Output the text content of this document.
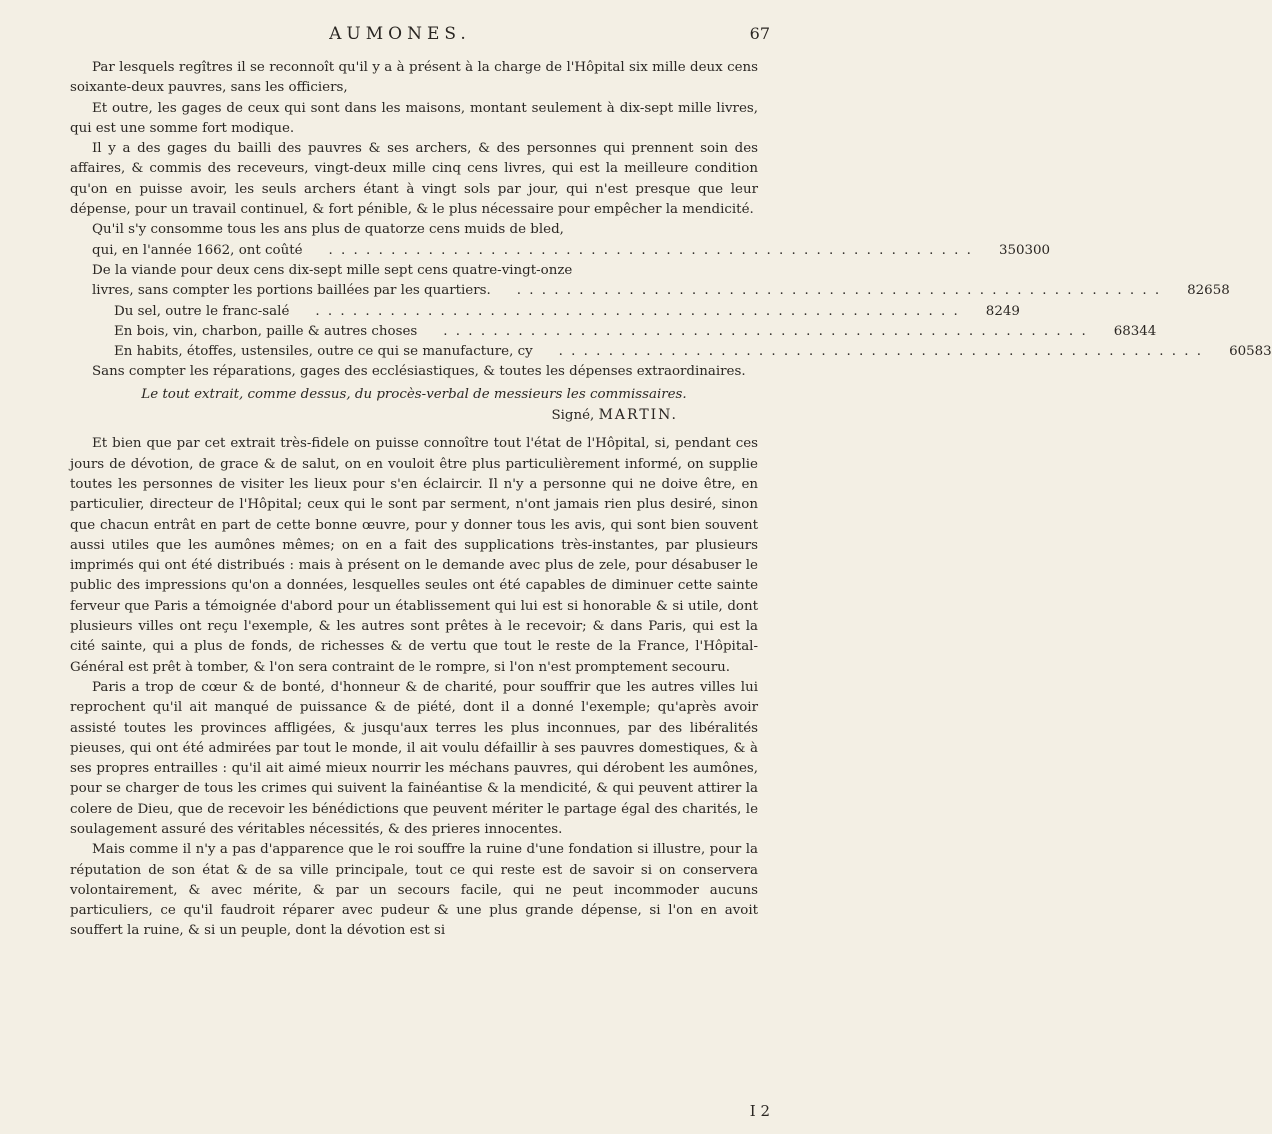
AUMONES.	67

Par lesquels regîtres il se reconnoît qu'il y a à présent à la charge de l'Hôpital six mille deux cens soixante-deux pauvres, sans les officiers,

Et outre, les gages de ceux qui sont dans les maisons, montant seulement à dix-sept mille livres, qui est une somme fort modique.

Il y a des gages du bailli des pauvres & ses archers, & des personnes qui prennent soin des affaires, & commis des receveurs, vingt-deux mille cinq cens livres, qui est la meilleure condition qu'on en puisse avoir, les seuls archers étant à vingt sols par jour, qui n'est presque que leur dépense, pour un travail continuel, & fort pénible, & le plus nécessaire pour empêcher la mendicité.

Qu'il s'y consomme tous les ans plus de quatorze cens muids de bled,

qui, en l'année 1662, ont coûté	. . . . . . . . . . . . . . . . . . . . . . . . . . . . . . . . . . . . . . . . . . . . . . . . . . . .	350300

De la viande pour deux cens dix-sept mille sept cens quatre-vingt-onze

livres, sans compter les portions baillées par les quartiers.	. . . . . . . . . . . . . . . . . . . . . . . . . . . . . . . . . . . . . . . . . . . . . . . . . . . .	82658

Du sel, outre le franc-salé	. . . . . . . . . . . . . . . . . . . . . . . . . . . . . . . . . . . . . . . . . . . . . . . . . . . .	8249

En bois, vin, charbon, paille & autres choses	. . . . . . . . . . . . . . . . . . . . . . . . . . . . . . . . . . . . . . . . . . . . . . . . . . . .	68344

En habits, étoffes, ustensiles, outre ce qui se manufacture, cy	. . . . . . . . . . . . . . . . . . . . . . . . . . . . . . . . . . . . . . . . . . . . . . . . . . . .	60583

Sans compter les réparations, gages des ecclésiastiques, & toutes les dépenses extraordinaires.

Le tout extrait, comme dessus, du procès-verbal de messieurs les commissaires.

Signé, MARTIN.

Et bien que par cet extrait très-fidele on puisse connoître tout l'état de l'Hôpital, si, pendant ces jours de dévotion, de grace & de salut, on en vouloit être plus particulièrement informé, on supplie toutes les personnes de visiter les lieux pour s'en éclaircir. Il n'y a personne qui ne doive être, en particulier, directeur de l'Hôpital; ceux qui le sont par serment, n'ont jamais rien plus desiré, sinon que chacun entrât en part de cette bonne œuvre, pour y donner tous les avis, qui sont bien souvent aussi utiles que les aumônes mêmes; on en a fait des supplications très-instantes, par plusieurs imprimés qui ont été distribués : mais à présent on le demande avec plus de zele, pour désabuser le public des impressions qu'on a données, lesquelles seules ont été capables de diminuer cette sainte ferveur que Paris a témoignée d'abord pour un établissement qui lui est si honorable & si utile, dont plusieurs villes ont reçu l'exemple, & les autres sont prêtes à le recevoir; & dans Paris, qui est la cité sainte, qui a plus de fonds, de richesses & de vertu que tout le reste de la France, l'Hôpital-Général est prêt à tomber, & l'on sera contraint de le rompre, si l'on n'est promptement secouru.

Paris a trop de cœur & de bonté, d'honneur & de charité, pour souffrir que les autres villes lui reprochent qu'il ait manqué de puissance & de piété, dont il a donné l'exemple; qu'après avoir assisté toutes les provinces affligées, & jusqu'aux terres les plus inconnues, par des libéralités pieuses, qui ont été admirées par tout le monde, il ait voulu défaillir à ses pauvres domestiques, & à ses propres entrailles : qu'il ait aimé mieux nourrir les méchans pauvres, qui dérobent les aumônes, pour se charger de tous les crimes qui suivent la fainéantise & la mendicité, & qui peuvent attirer la colere de Dieu, que de recevoir les bénédictions que peuvent mériter le partage égal des charités, le soulagement assuré des véritables nécessités, & des prieres innocentes.

Mais comme il n'y a pas d'apparence que le roi souffre la ruine d'une fondation si illustre, pour la réputation de son état & de sa ville principale, tout ce qui reste est de savoir si on conservera volontairement, & avec mérite, & par un secours facile, qui ne peut incommoder aucuns particuliers, ce qu'il faudroit réparer avec pudeur & une plus grande dépense, si l'on en avoit souffert la ruine, & si un peuple, dont la dévotion est si

I 2
